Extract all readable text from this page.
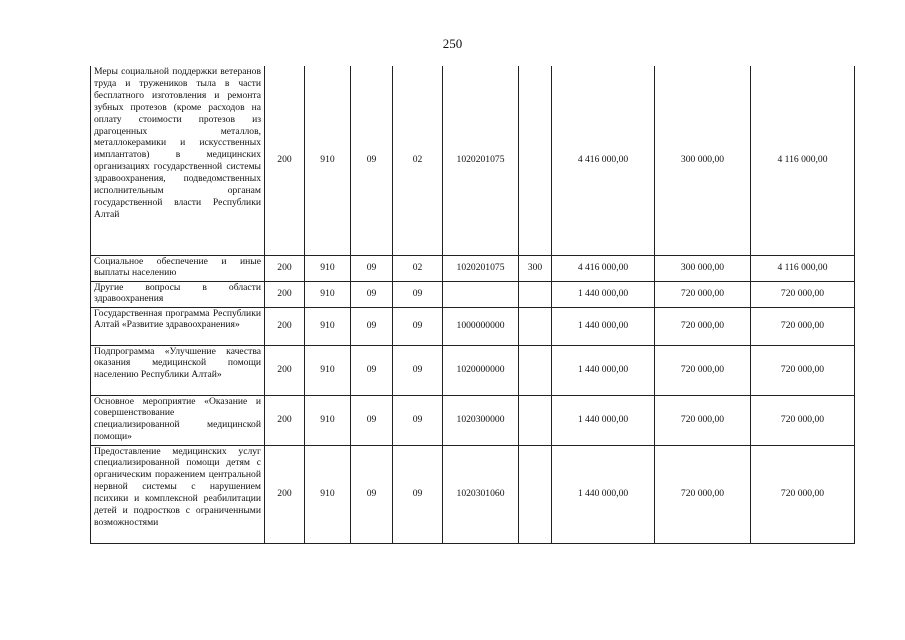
250
Меры социальной поддержки ветеранов труда и тружеников тыла в части бесплатного изготовления и ремонта зубных протезов (кроме расходов на оплату стоимости протезов из драгоценных металлов, металлокерамики и искусственных имплантатов) в медицинских организациях государственной системы здравоохранения, подведомственных исполнительным органам государственной власти Республики Алтай	200	910	09	02	1020201075		4 416 000,00	300 000,00	4 116 000,00
Социальное обеспечение и иные выплаты населению	200	910	09	02	1020201075	300	4 416 000,00	300 000,00	4 116 000,00
Другие вопросы в области здравоохранения	200	910	09	09			1 440 000,00	720 000,00	720 000,00
Государственная программа Республики Алтай «Развитие здравоохранения»	200	910	09	09	1000000000		1 440 000,00	720 000,00	720 000,00
Подпрограмма «Улучшение качества оказания медицинской помощи населению Республики Алтай»	200	910	09	09	1020000000		1 440 000,00	720 000,00	720 000,00
Основное мероприятие «Оказание и совершенствование специализированной медицинской помощи»	200	910	09	09	1020300000		1 440 000,00	720 000,00	720 000,00
Предоставление медицинских услуг специализированной помощи детям с органическим поражением центральной нервной системы с нарушением психики и комплексной реабилитации детей и подростков с ограниченными возможностями	200	910	09	09	1020301060		1 440 000,00	720 000,00	720 000,00
